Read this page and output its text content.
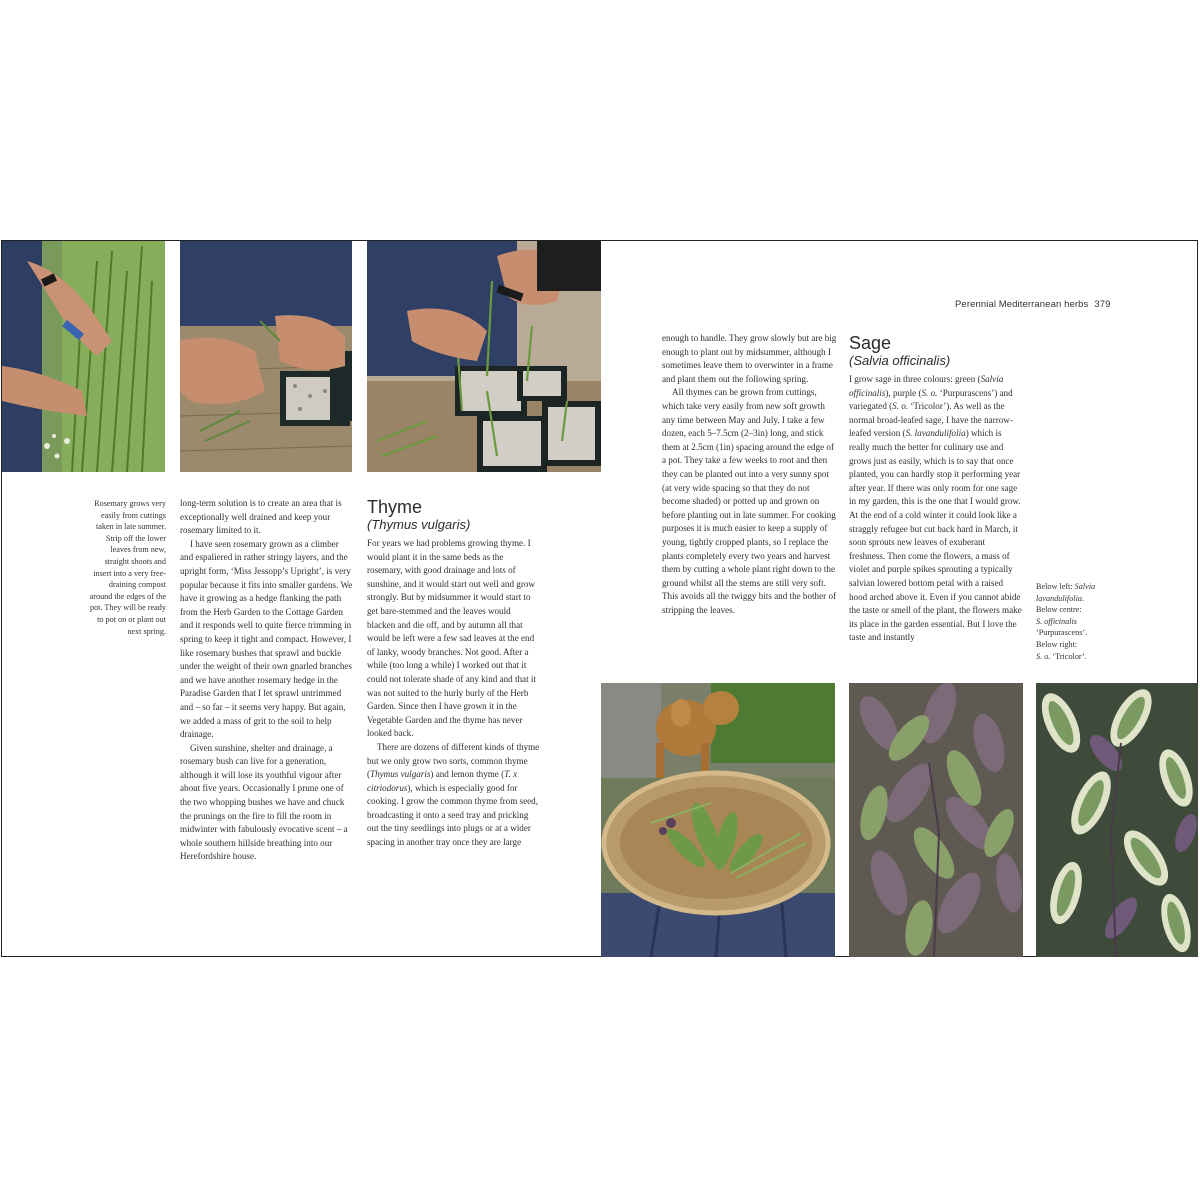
Perennial Mediterranean herbs 379
Rosemary grows very easily from cuttings taken in late summer. Strip off the lower leaves from new, straight shoots and insert into a very free-draining compost around the edges of the pot. They will be ready to pot on or plant out next spring.

long-term solution is to create an area that is exceptionally well drained and keep your rosemary limited to it.

I have seen rosemary grown as a climber and espaliered in rather stringy layers, and the upright form, ‘Miss Jessopp’s Upright’, is very popular because it fits into smaller gardens. We have it growing as a hedge flanking the path from the Herb Garden to the Cottage Garden and it responds well to quite fierce trimming in spring to keep it tight and compact. However, I like rosemary bushes that sprawl and buckle under the weight of their own gnarled branches and we have another rosemary hedge in the Paradise Garden that I let sprawl untrimmed and – so far – it seems very happy. But again, we added a mass of grit to the soil to help drainage.

Given sunshine, shelter and drainage, a rosemary bush can live for a generation, although it will lose its youthful vigour after about five years. Occasionally I prune one of the two whopping bushes we have and chuck the prunings on the fire to fill the room in midwinter with fabulously evocative scent – a whole southern hillside breathing into our Herefordshire house.

Thyme
(Thymus vulgaris)

For years we had problems growing thyme. I would plant it in the same beds as the rosemary, with good drainage and lots of sunshine, and it would start out well and grow strongly. But by midsummer it would start to get bare-stemmed and the leaves would blacken and die off, and by autumn all that would be left were a few sad leaves at the end of lanky, woody branches. Not good. After a while (too long a while) I worked out that it could not tolerate shade of any kind and that it was not suited to the hurly burly of the Herb Garden. Since then I have grown it in the Vegetable Garden and the thyme has never looked back.

There are dozens of different kinds of thyme but we only grow two sorts, common thyme (Thymus vulgaris) and lemon thyme (T. x citriodorus), which is especially good for cooking. I grow the common thyme from seed, broadcasting it onto a seed tray and pricking out the tiny seedlings into plugs or at a wider spacing in another tray once they are large

enough to handle. They grow slowly but are big enough to plant out by midsummer, although I sometimes leave them to overwinter in a frame and plant them out the following spring.

All thymes can be grown from cuttings, which take very easily from new soft growth any time between May and July. I take a few dozen, each 5–7.5cm (2–3in) long, and stick them at 2.5cm (1in) spacing around the edge of a pot. They take a few weeks to root and then they can be planted out into a very sunny spot (at very wide spacing so that they do not become shaded) or potted up and grown on before planting out in late summer. For cooking purposes it is much easier to keep a supply of young, tightly cropped plants, so I replace the plants completely every two years and harvest them by cutting a whole plant right down to the ground whilst all the stems are still very soft. This avoids all the twiggy bits and the bother of stripping the leaves.

Sage
(Salvia officinalis)

I grow sage in three colours: green (Salvia officinalis), purple (S. o. ‘Purpurascens’) and variegated (S. o. ‘Tricolor’). As well as the normal broad-leafed sage, I have the narrow-leafed version (S. lavandulifolia) which is really much the better for culinary use and grows just as easily, which is to say that once planted, you can hardly stop it performing year after year. If there was only room for one sage in my garden, this is the one that I would grow. At the end of a cold winter it could look like a straggly refugee but cut back hard in March, it soon sprouts new leaves of exuberant freshness. Then come the flowers, a mass of violet and purple spikes sprouting a typically salvian lowered bottom petal with a raised hood arched above it. Even if you cannot abide the taste or smell of the plant, the flowers make its place in the garden essential. But I love the taste and instantly

Below left: Salvia lavandulifolia.
Below centre:
S. officinalis
‘Purpurascens’.
Below right:
S. o. ‘Tricolor’.
